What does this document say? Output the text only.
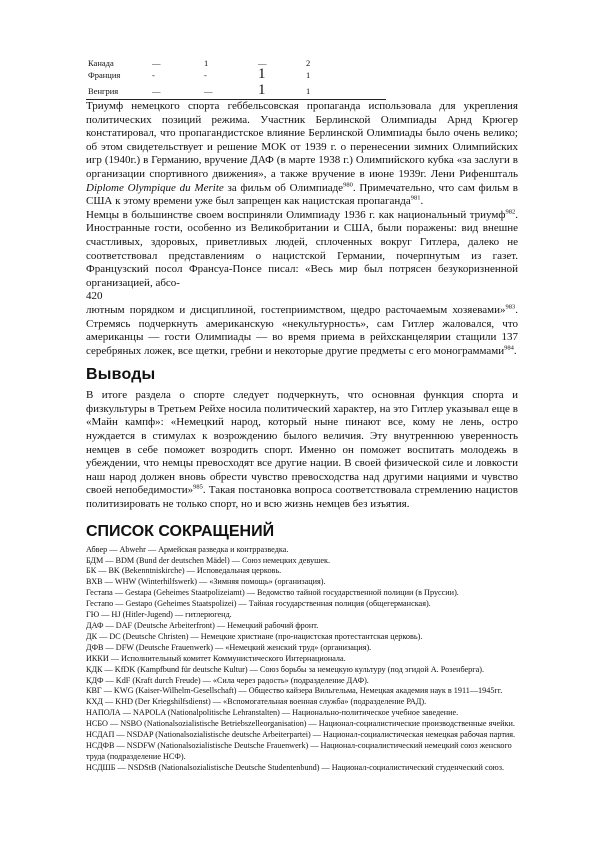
Канада	—	1	—	2
Франция	-	-	1	1
Венгрия	—	—	1	1

Триумф немецкого спорта геббельсовская пропаганда использовала для укрепления политических позиций режима. Участник Берлинской Олимпиады Арнд Крюгер констатировал, что пропагандистское влияние Берлинской Олимпиады было очень велико; об этом свидетельствует и решение МОК от 1939 г. о перенесении зимних Олимпийских игр (1940г.) в Германию, вручение ДАФ (в марте 1938 г.) Олимпийского кубка «за заслуги в организации спортивного движения», а также вручение в июне 1939г. Лени Рифеншталь Diplome Olympique du Merite за фильм об Олимпиаде$^{980}$. Примечательно, что сам фильм в США к этому времени уже был запрещен как нацистская пропаганда$^{981}$.

Немцы в большинстве своем восприняли Олимпиаду 1936 г. как национальный триумф$^{982}$. Иностранные гости, особенно из Великобритании и США, были поражены: вид внешне счастливых, здоровых, приветливых людей, сплоченных вокруг Гитлера, далеко не соответствовал представлениям о нацистской Германии, почерпнутым из газет. Французский посол Франсуа-Понсе писал: «Весь мир был потрясен безукоризненной организацией, абсо-

420

лютным порядком и дисциплиной, гостеприимством, щедро расточаемым хозяевами»$^{983}$. Стремясь подчеркнуть американскую «некультурность», сам Гитлер жаловался, что американцы — гости Олимпиады — во время приема в рейхсканцелярии стащили 137 серебряных ложек, все щетки, гребни и некоторые другие предметы с его монограммами$^{984}$.

Выводы

В итоге раздела о спорте следует подчеркнуть, что основная функция спорта и физкультуры в Третьем Рейхе носила политический характер, на это Гитлер указывал еще в «Майн кампф»: «Немецкий народ, который ныне пинают все, кому не лень, остро нуждается в стимулах к возрождению былого величия. Эту внутреннюю уверенность немцев в себе поможет возродить спорт. Именно он поможет воспитать молодежь в убеждении, что немцы превосходят все другие нации. В своей физической силе и ловкости наш народ должен вновь обрести чувство превосходства над другими нациями и чувство своей непобедимости»$^{985}$. Такая постановка вопроса соответствовала стремлению нацистов политизировать не только спорт, но и всю жизнь немцев без изъятия.

СПИСОК СОКРАЩЕНИЙ
Абвер — Abwehr — Армейская разведка и контрразведка.
БДМ — BDM (Bund der deutschen Mädel) — Союз немецких девушек.
БК — BK (Bekenntniskirche) — Исповедальная церковь.
ВХВ — WHW (Winterhilfswerk) — «Зимняя помощь» (организация).
Гестапа — Gestapa (Geheimes Staatpolizeiamt) — Ведомство тайной государственной полиции (в Пруссии).
Гестапо — Gestapo (Geheimes Staatspolizei) — Тайная государственная полиция (общегерманская).
ГЮ — HJ (Hitler-Jugend) — гитлерюгенд.
ДАФ — DAF (Deutsche Arbeiterfront) — Немецкий рабочий фронт.
ДК — DC (Deutsche Christen) — Немецкие христиане (про-нацистская протестантская церковь).
ДФВ — DFW (Deutsche Frauenwerk) — «Немецкий женский труд» (организация).
ИККИ — Исполнительный комитет Коммунистического Интернационала.
КДК — KfDK (Kampfbund für deutsche Kultur) — Союз борьбы за немецкую культуру (под эгидой А. Розенберга).
КДФ — KdF (Kraft durch Freude) — «Сила через радость» (подразделение ДАФ).
КВГ — KWG (Kaiser-Wilhelm-Gesellschaft) — Общество кайзера Вильгельма, Немецкая академия наук в 1911—1945гг.
КХД — KHD (Der Kriegshilfsdienst) — «Вспомогательная военная служба» (подразделение РАД).
НАПОЛА — NAPOLA (Nationalpolitische Lehranstalten) — Национально-политическое учебное заведение.
НСБО — NSBO (Nationalsozialistische Betriebszelleorganisation) — Национал-социалистические производственные ячейки.
НСДАП — NSDAP (Nationalsozialistische deutsche Arbeiterpartei) — Национал-социалистическая немецкая рабочая партия.
НСДФВ — NSDFW (Nationalsozialistische Deutsche Frauenwerk) — Национал-социалистический немецкий союз женского труда (подразделение НСФ).
НСДШБ — NSDStB (Nationalsozialistische Deutsche Studentenbund) — Национал-социалистический студенческий союз.
